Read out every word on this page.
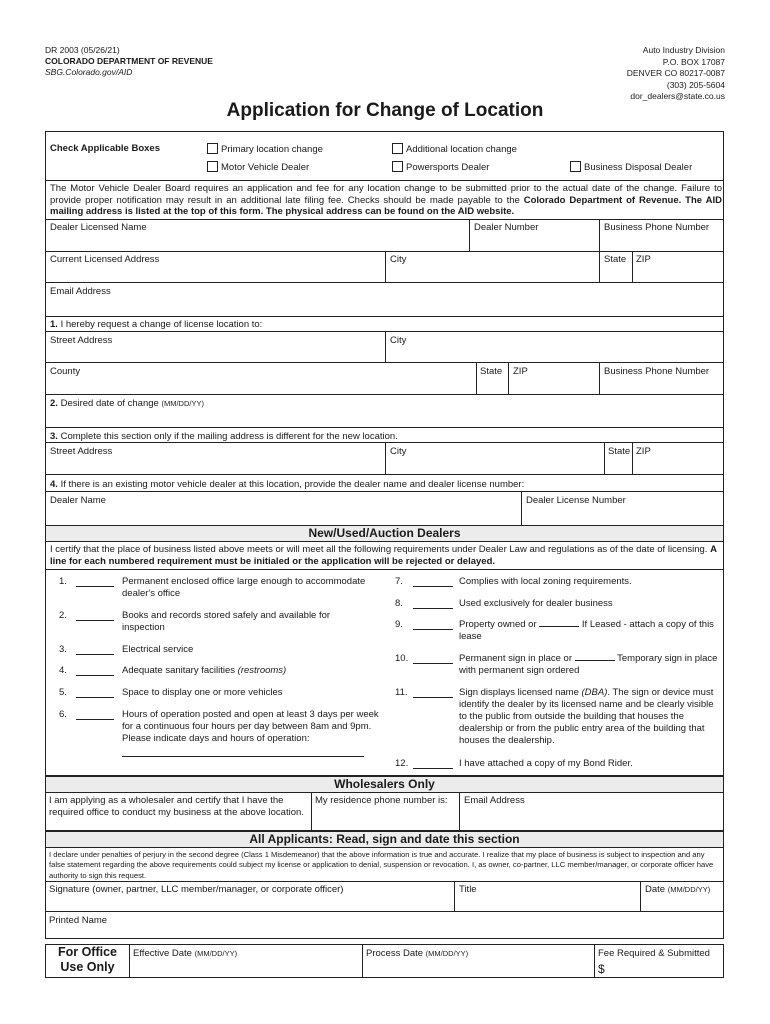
DR 2003 (05/26/21)
COLORADO DEPARTMENT OF REVENUE
SBG.Colorado.gov/AID
Auto Industry Division
P.O. BOX 17087
DENVER CO 80217-0087
(303) 205-5604
dor_dealers@state.co.us
Application for Change of Location
Check Applicable Boxes	Primary location change	Additional location change
Motor Vehicle Dealer	Powersports Dealer	Business Disposal Dealer
The Motor Vehicle Dealer Board requires an application and fee for any location change to be submitted prior to the actual date of the change. Failure to provide proper notification may result in an additional late filing fee. Checks should be made payable to the Colorado Department of Revenue. The AID mailing address is listed at the top of this form. The physical address can be found on the AID website.
Dealer Licensed Name	Dealer Number	Business Phone Number
Current Licensed Address	City	State ZIP
Email Address
1. I hereby request a change of license location to:
Street Address	City
County	State ZIP	Business Phone Number
2. Desired date of change (MM/DD/YY)
3. Complete this section only if the mailing address is different for the new location.
Street Address	City	State ZIP
4. If there is an existing motor vehicle dealer at this location, provide the dealer name and dealer license number:
Dealer Name	Dealer License Number
New/Used/Auction Dealers
I certify that the place of business listed above meets or will meet all the following requirements under Dealer Law and regulations as of the date of licensing. A line for each numbered requirement must be initialed or the application will be rejected or delayed.
1.	Permanent enclosed office large enough to accommodate dealer's office
2.	Books and records stored safely and available for inspection
3.	Electrical service
4.	Adequate sanitary facilities (restrooms)
5.	Space to display one or more vehicles
6.	Hours of operation posted and open at least 3 days per week for a continuous four hours per day between 8am and 9pm. Please indicate days and hours of operation:
7.	Complies with local zoning requirements.
8.	Used exclusively for dealer business
9.	Property owned or	If Leased - attach a copy of this lease
10.	Permanent sign in place or	Temporary sign in place with permanent sign ordered
11.	Sign displays licensed name (DBA). The sign or device must identify the dealer by its licensed name and be clearly visible to the public from outside the building that houses the dealership or from the public entry area of the building that houses the dealership.
12.	I have attached a copy of my Bond Rider.
Wholesalers Only
I am applying as a wholesaler and certify that I have the required office to conduct my business at the above location.
My residence phone number is: Email Address
All Applicants: Read, sign and date this section
I declare under penalties of perjury in the second degree (Class 1 Misdemeanor) that the above information is true and accurate. I realize that my place of business is subject to inspection and any false statement regarding the above requirements could subject my license or application to denial, suspension or revocation. I, as owner, co-partner, LLC member/manager, or corporate officer have authority to sign this request.
Signature (owner, partner, LLC member/manager, or corporate officer)	Title	Date (MM/DD/YY)
Printed Name
For Office
Use Only
Effective Date (MM/DD/YY)	Process Date (MM/DD/YY)	Fee Required & Submitted
$
